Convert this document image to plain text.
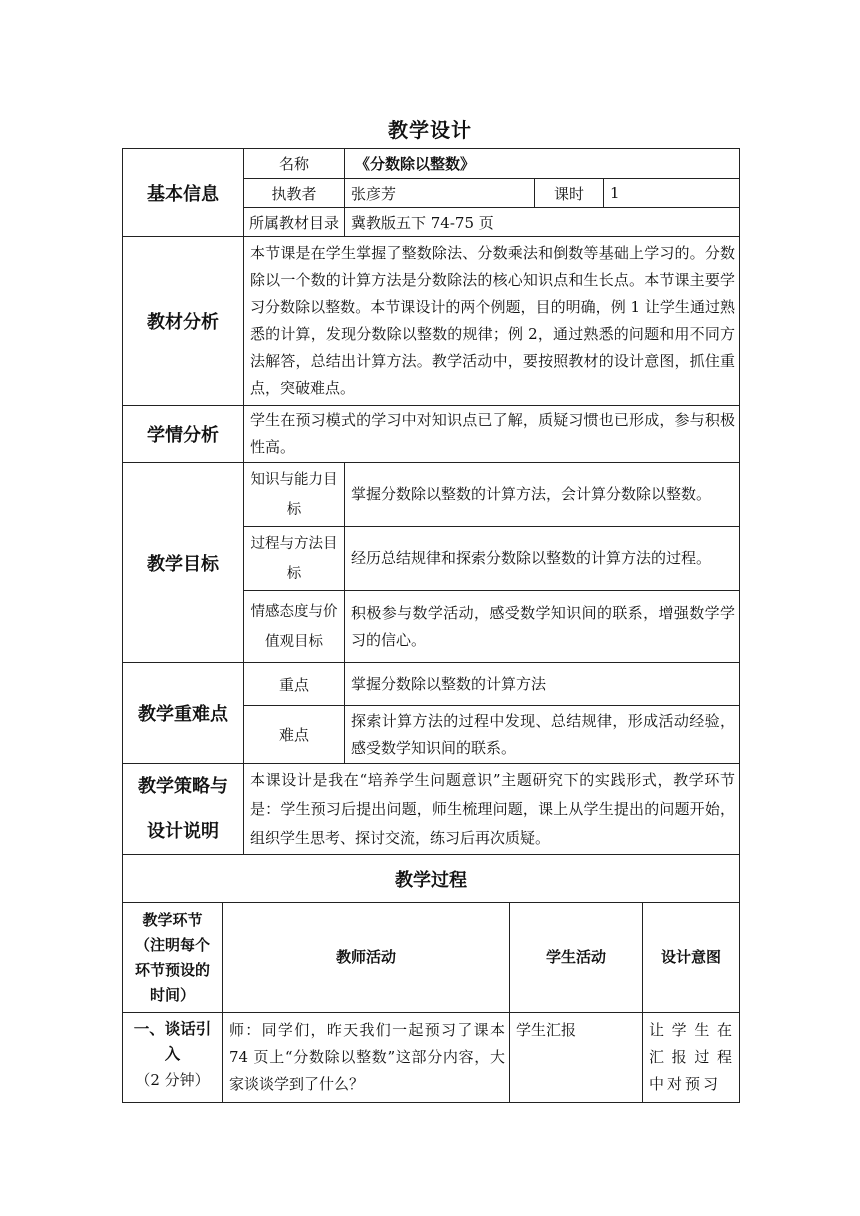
教学设计
基本信息	名称	《分数除以整数》		
	执教者	张彦芳	课时	1
	所属教材目录	冀教版五下 74-75 页		
教材分析	本节课是在学生掌握了整数除法、分数乘法和倒数等基础上学习的。分数除以一个数的计算方法是分数除法的核心知识点和生长点。本节课主要学习分数除以整数。本节课设计的两个例题，目的明确，例 1 让学生通过熟悉的计算，发现分数除以整数的规律；例 2，通过熟悉的问题和用不同方法解答，总结出计算方法。教学活动中，要按照教材的设计意图，抓住重点，突破难点。			
学情分析	学生在预习模式的学习中对知识点已了解，质疑习惯也已形成，参与积极性高。			
教学目标	知识与能力目标	掌握分数除以整数的计算方法，会计算分数除以整数。		
	过程与方法目标	经历总结规律和探索分数除以整数的计算方法的过程。		
	情感态度与价值观目标	积极参与数学活动，感受数学知识间的联系，增强数学学习的信心。		
教学重难点	重点	掌握分数除以整数的计算方法		
	难点	探索计算方法的过程中发现、总结规律，形成活动经验，感受数学知识间的联系。		

教学策略与
设计说明	本课设计是我在“培养学生问题意识”主题研究下的实践形式，教学环节是：学生预习后提出问题，师生梳理问题，课上从学生提出的问题开始，组织学生思考、探讨交流，练习后再次质疑。			
教学过程			
教学环节（注明每个环节预设的时间）	教师活动	学生活动	设计意图

一、谈话引入
（2 分钟）	师：同学们，昨天我们一起预习了课本 74 页上“分数除以整数”这部分内容，大家谈谈学到了什么？	学生汇报	让学生在汇报过程中对预习
